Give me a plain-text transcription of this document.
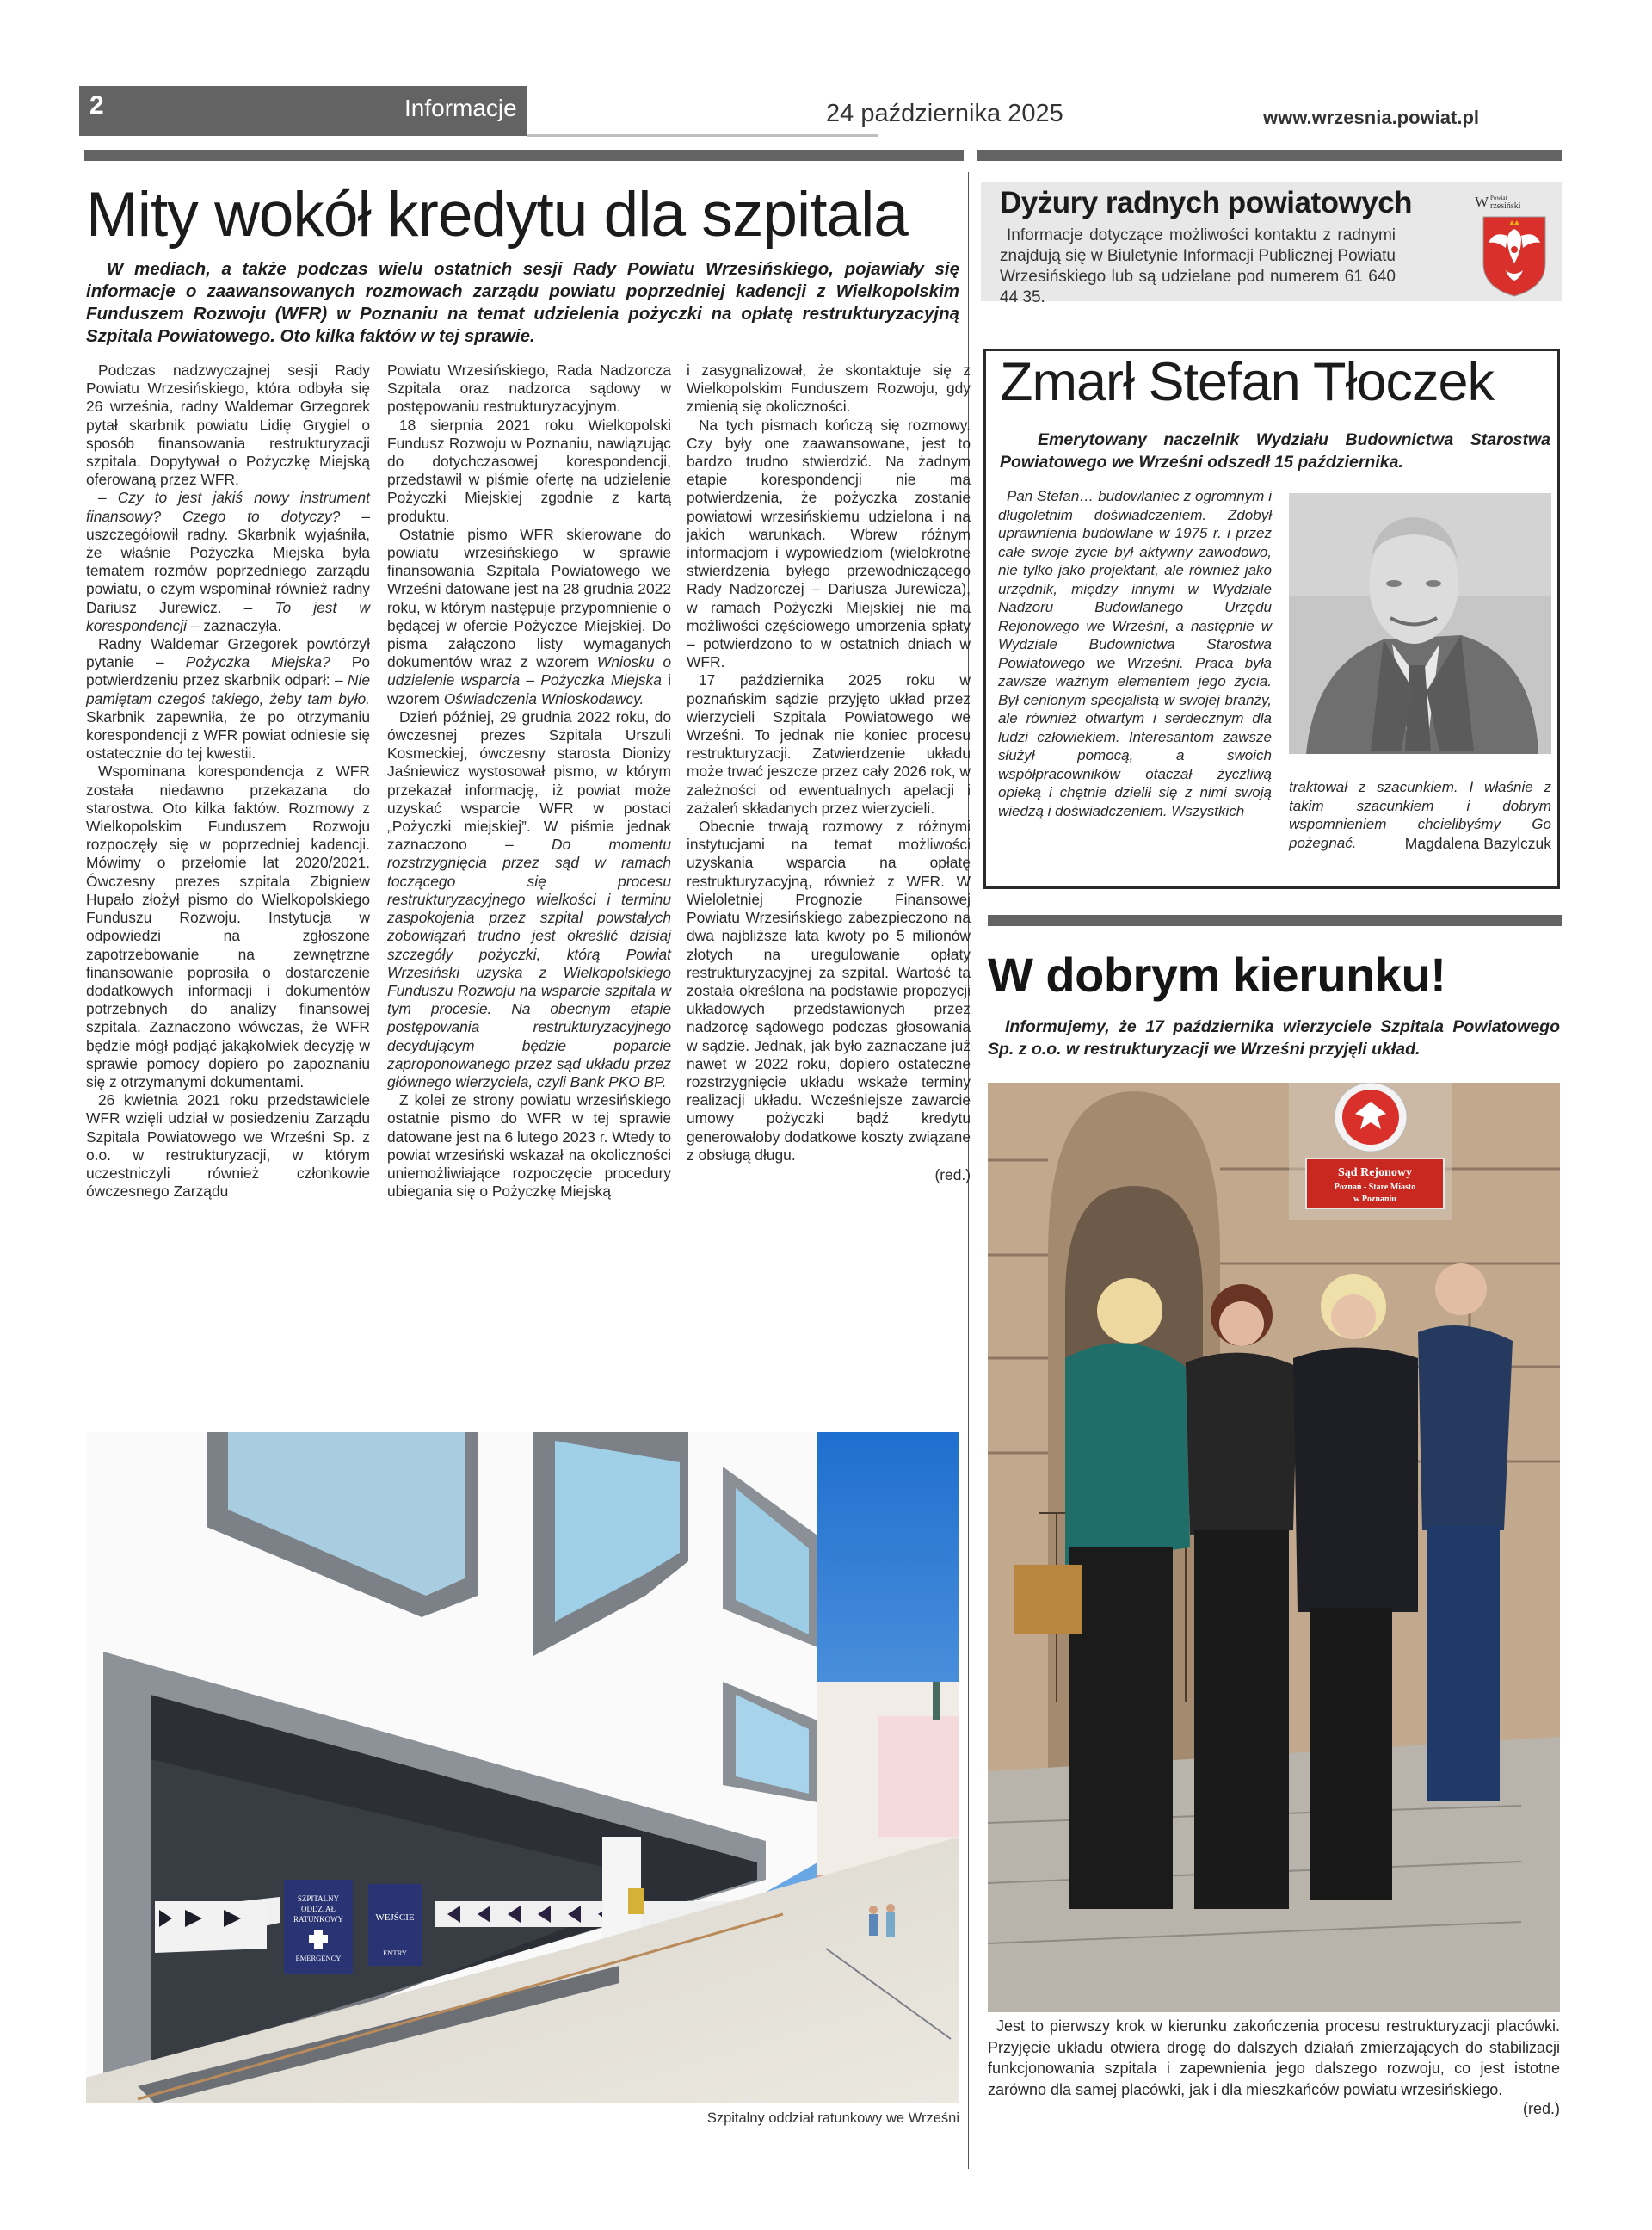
2	Informacje	24 października 2025	www.wrzesnia.powiat.pl
Mity wokół kredytu dla szpitala
W mediach, a także podczas wielu ostatnich sesji Rady Powiatu Wrzesińskiego, pojawiały się informacje o zaawansowanych rozmowach zarządu powiatu poprzedniej kadencji z Wielkopolskim Funduszem Rozwoju (WFR) w Poznaniu na temat udzielenia pożyczki na opłatę restrukturyzacyjną Szpitala Powiatowego. Oto kilka faktów w tej sprawie.

Podczas nadzwyczajnej sesji Rady Powiatu Wrzesińskiego, która odbyła się 26 września, radny Waldemar Grzegorek pytał skarbnik powiatu Lidię Grygiel o sposób finansowania restrukturyzacji szpitala. Dopytywał o Pożyczkę Miejską oferowaną przez WFR.

– Czy to jest jakiś nowy instrument finansowy? Czego to dotyczy? – uszczegółowił radny. Skarbnik wyjaśniła, że właśnie Pożyczka Miejska była tematem rozmów poprzedniego zarządu powiatu, o czym wspominał również radny Dariusz Jurewicz. – To jest w korespondencji – zaznaczyła.

Radny Waldemar Grzegorek powtórzył pytanie – Pożyczka Miejska? Po potwierdzeniu przez skarbnik odparł: – Nie pamiętam czegoś takiego, żeby tam było. Skarbnik zapewniła, że po otrzymaniu korespondencji z WFR powiat odniesie się ostatecznie do tej kwestii.

Wspominana korespondencja z WFR została niedawno przekazana do starostwa. Oto kilka faktów. Rozmowy z Wielkopolskim Funduszem Rozwoju rozpoczęły się w poprzedniej kadencji. Mówimy o przełomie lat 2020/2021. Ówczesny prezes szpitala Zbigniew Hupało złożył pismo do Wielkopolskiego Funduszu Rozwoju. Instytucja w odpowiedzi na zgłoszone zapotrzebowanie na zewnętrzne finansowanie poprosiła o dostarczenie dodatkowych informacji i dokumentów potrzebnych do analizy finansowej szpitala. Zaznaczono wówczas, że WFR będzie mógł podjąć jakąkolwiek decyzję w sprawie pomocy dopiero po zapoznaniu się z otrzymanymi dokumentami.

26 kwietnia 2021 roku przedstawiciele WFR wzięli udział w posiedzeniu Zarządu Szpitala Powiatowego we Wrześni Sp. z o.o. w restrukturyzacji, w którym uczestniczyli również członkowie ówczesnego Zarządu

Powiatu Wrzesińskiego, Rada Nadzorcza Szpitala oraz nadzorca sądowy w postępowaniu restrukturyzacyjnym.

18 sierpnia 2021 roku Wielkopolski Fundusz Rozwoju w Poznaniu, nawiązując do dotychczasowej korespondencji, przedstawił w piśmie ofertę na udzielenie Pożyczki Miejskiej zgodnie z kartą produktu.

Ostatnie pismo WFR skierowane do powiatu wrzesińskiego w sprawie finansowania Szpitala Powiatowego we Wrześni datowane jest na 28 grudnia 2022 roku, w którym następuje przypomnienie o będącej w ofercie Pożyczce Miejskiej. Do pisma załączono listy wymaganych dokumentów wraz z wzorem Wniosku o udzielenie wsparcia – Pożyczka Miejska i wzorem Oświadczenia Wnioskodawcy.

Dzień później, 29 grudnia 2022 roku, do ówczesnej prezes Szpitala Urszuli Kosmeckiej, ówczesny starosta Dionizy Jaśniewicz wystosował pismo, w którym przekazał informację, iż powiat może uzyskać wsparcie WFR w postaci „Pożyczki miejskiej”. W piśmie jednak zaznaczono – Do momentu rozstrzygnięcia przez sąd w ramach toczącego się procesu restrukturyzacyjnego wielkości i terminu zaspokojenia przez szpital powstałych zobowiązań trudno jest określić dzisiaj szczegóły pożyczki, którą Powiat Wrzesiński uzyska z Wielkopolskiego Funduszu Rozwoju na wsparcie szpitala w tym procesie. Na obecnym etapie postępowania restrukturyzacyjnego decydującym będzie poparcie zaproponowanego przez sąd układu przez głównego wierzyciela, czyli Bank PKO BP.

Z kolei ze strony powiatu wrzesińskiego ostatnie pismo do WFR w tej sprawie datowane jest na 6 lutego 2023 r. Wtedy to powiat wrzesiński wskazał na okoliczności uniemożliwiające rozpoczęcie procedury ubiegania się o Pożyczkę Miejską

i zasygnalizował, że skontaktuje się z Wielkopolskim Funduszem Rozwoju, gdy zmienią się okoliczności.

Na tych pismach kończą się rozmowy. Czy były one zaawansowane, jest to bardzo trudno stwierdzić. Na żadnym etapie korespondencji nie ma potwierdzenia, że pożyczka zostanie powiatowi wrzesińskiemu udzielona i na jakich warunkach. Wbrew różnym informacjom i wypowiedziom (wielokrotne stwierdzenia byłego przewodniczącego Rady Nadzorczej – Dariusza Jurewicza), w ramach Pożyczki Miejskiej nie ma możliwości częściowego umorzenia spłaty – potwierdzono to w ostatnich dniach w WFR.

17 października 2025 roku w poznańskim sądzie przyjęto układ przez wierzycieli Szpitala Powiatowego we Wrześni. To jednak nie koniec procesu restrukturyzacji. Zatwierdzenie układu może trwać jeszcze przez cały 2026 rok, w zależności od ewentualnych apelacji i zażaleń składanych przez wierzycieli.

Obecnie trwają rozmowy z różnymi instytucjami na temat możliwości uzyskania wsparcia na opłatę restrukturyzacyjną, również z WFR. W Wieloletniej Prognozie Finansowej Powiatu Wrzesińskiego zabezpieczono na dwa najbliższe lata kwoty po 5 milionów złotych na uregulowanie opłaty restrukturyzacyjnej za szpital. Wartość ta została określona na podstawie propozycji układowych przedstawionych przez nadzorcę sądowego podczas głosowania w sądzie. Jednak, jak było zaznaczane już nawet w 2022 roku, dopiero ostateczne rozstrzygnięcie układu wskaże terminy realizacji układu. Wcześniejsze zawarcie umowy pożyczki bądź kredytu generowałoby dodatkowe koszty związane z obsługą długu.

(red.)

SZPITALNY
ODDZIAŁ
RATUNKOWY
EMERGENCY
WEJŚCIE
ENTRY
Szpitalny oddział ratunkowy we Wrześni
Dyżury radnych powiatowych
Informacje dotyczące możliwości kontaktu z radnymi znajdują się w Biuletynie Informacji Publicznej Powiatu Wrzesińskiego lub są udzielane pod numerem 61 640 44 35.
W Powiat
rzesiński
Zmarł Stefan Tłoczek
Emerytowany naczelnik Wydziału Budownictwa Starostwa Powiatowego we Wrześni odszedł 15 października.

Pan Stefan… budowlaniec z ogromnym i długoletnim doświadczeniem. Zdobył uprawnienia budowlane w 1975 r. i przez całe swoje życie był aktywny zawodowo, nie tylko jako projektant, ale również jako urzędnik, między innymi w Wydziale Nadzoru Budowlanego Urzędu Rejonowego we Wrześni, a następnie w Wydziale Budownictwa Starostwa Powiatowego we Wrześni. Praca była zawsze ważnym elementem jego życia. Był cenionym specjalistą w swojej branży, ale również otwartym i serdecznym dla ludzi człowiekiem. Interesantom zawsze służył pomocą, a swoich współpracowników otaczał życzliwą opieką i chętnie dzielił się z nimi swoją wiedzą i doświadczeniem. Wszystkich

traktował z szacunkiem. I właśnie z takim szacunkiem i dobrym wspomnieniem chcielibyśmy Go pożegnać.	Magdalena Bazylczuk
W dobrym kierunku!
Informujemy, że 17 października wierzyciele Szpitala Powiatowego Sp. z o.o. w restrukturyzacji we Wrześni przyjęli układ.
Sąd Rejonowy
Poznań - Stare Miasto
w Poznaniu

Jest to pierwszy krok w kierunku zakończenia procesu restrukturyzacji placówki. Przyjęcie układu otwiera drogę do dalszych działań zmierzających do stabilizacji funkcjonowania szpitala i zapewnienia jego dalszego rozwoju, co jest istotne zarówno dla samej placówki, jak i dla mieszkańców powiatu wrzesińskiego.

(red.)
